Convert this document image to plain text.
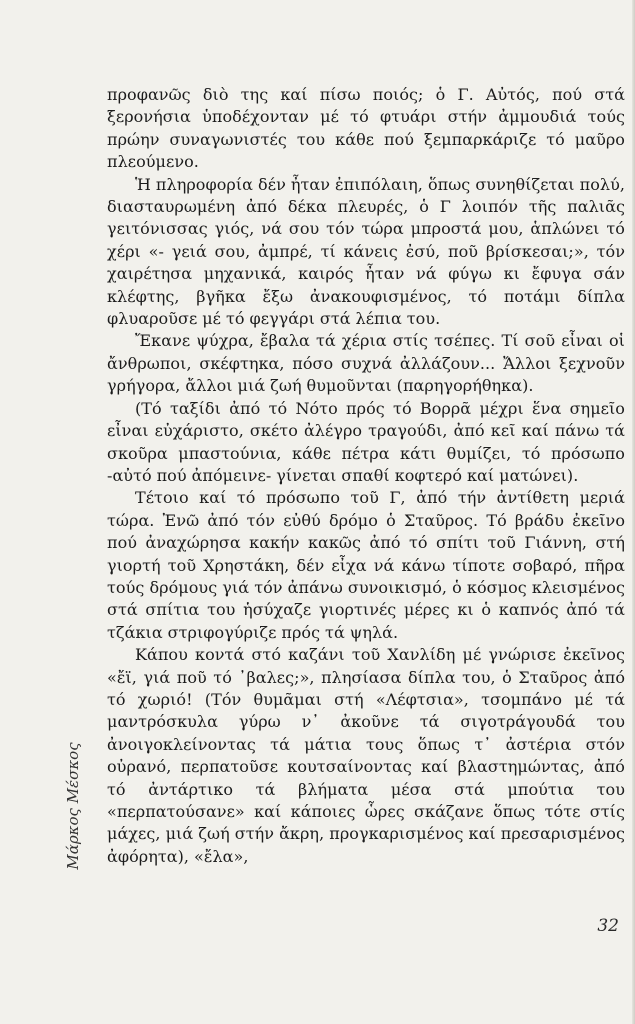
προφανῶς διὸ της καί πίσω ποιός; ὁ Γ. Αὐτός, πού στά ξερονήσια ὑποδέχονταν μέ τό φτυάρι στήν ἀμμουδιά τούς πρώην συναγωνιστές του κάθε πού ξεμπαρκάριζε τό μαῦρο πλεούμενο.

Ἡ πληροφορία δέν ἦταν ἐπιπόλαιη, ὅπως συνηθίζεται πολύ, διασταυρωμένη ἀπό δέκα πλευρές, ὁ Γ λοιπόν τῆς παλιᾶς γειτόνισσας γιός, νά σου τόν τώρα μπροστά μου, ἁπλώνει τό χέρι «- γειά σου, ἀμπρέ, τί κάνεις ἐσύ, ποῦ βρίσκεσαι;», τόν χαιρέτησα μηχανικά, καιρός ἦταν νά φύγω κι ἔφυγα σάν κλέφτης, βγῆκα ἔξω ἀνακουφισμένος, τό ποτάμι δίπλα φλυαροῦσε μέ τό φεγγάρι στά λέπια του.

Ἔκανε ψύχρα, ἔβαλα τά χέρια στίς τσέπες. Τί σοῦ εἶναι οἱ ἄνθρωποι, σκέφτηκα, πόσο συχνά ἀλλάζουν... Ἄλλοι ξεχνοῦν γρήγορα, ἄλλοι μιά ζωή θυμοῦνται (παρηγορήθηκα).

(Τό ταξίδι ἀπό τό Νότο πρός τό Βορρᾶ μέχρι ἕνα σημεῖο εἶναι εὐχάριστο, σκέτο ἀλέγρο τραγούδι, ἀπό κεῖ καί πάνω τά σκοῦρα μπαστούνια, κάθε πέτρα κάτι θυμίζει, τό πρόσωπο -αὐτό πού ἀπόμεινε- γίνεται σπαθί κοφτερό καί ματώνει).

Τέτοιο καί τό πρόσωπο τοῦ Γ, ἀπό τήν ἀντίθετη μεριά τώρα. Ἐνῶ ἀπό τόν εὐθύ δρόμο ὁ Σταῦρος. Τό βράδυ ἐκεῖνο πού ἀναχώρησα κακήν κακῶς ἀπό τό σπίτι τοῦ Γιάννη, στή γιορτή τοῦ Χρηστάκη, δέν εἶχα νά κάνω τίποτε σοβαρό, πῆρα τούς δρόμους γιά τόν ἀπάνω συνοικισμό, ὁ κόσμος κλεισμένος στά σπίτια του ἡσύχαζε γιορτινές μέρες κι ὁ καπνός ἀπό τά τζάκια στριφογύριζε πρός τά ψηλά.

Κάπου κοντά στό καζάνι τοῦ Χανλίδη μέ γνώρισε ἐκεῖνος «ἔϊ, γιά ποῦ τό ᾿βαλες;», πλησίασα δίπλα του, ὁ Σταῦρος ἀπό τό χωριό! (Τόν θυμᾶμαι στή «Λέφτσια», τσομπάνο μέ τά μαντρόσκυλα γύρω ν᾿ ἀκοῦνε τά σιγοτράγουδά του ἀνοιγοκλείνοντας τά μάτια τους ὅπως τ᾿ ἀστέρια στόν οὐρανό, περπατοῦσε κουτσαίνοντας καί βλαστημώντας, ἀπό τό ἀντάρτικο τά βλήματα μέσα στά μπούτια του «περπατούσανε» καί κάποιες ὧρες σκάζανε ὅπως τότε στίς μάχες, μιά ζωή στήν ἄκρη, προγκαρισμένος καί πρεσαρισμένος ἀφόρητα), «ἔλα»,

Μάρκος Μέσκος
32
